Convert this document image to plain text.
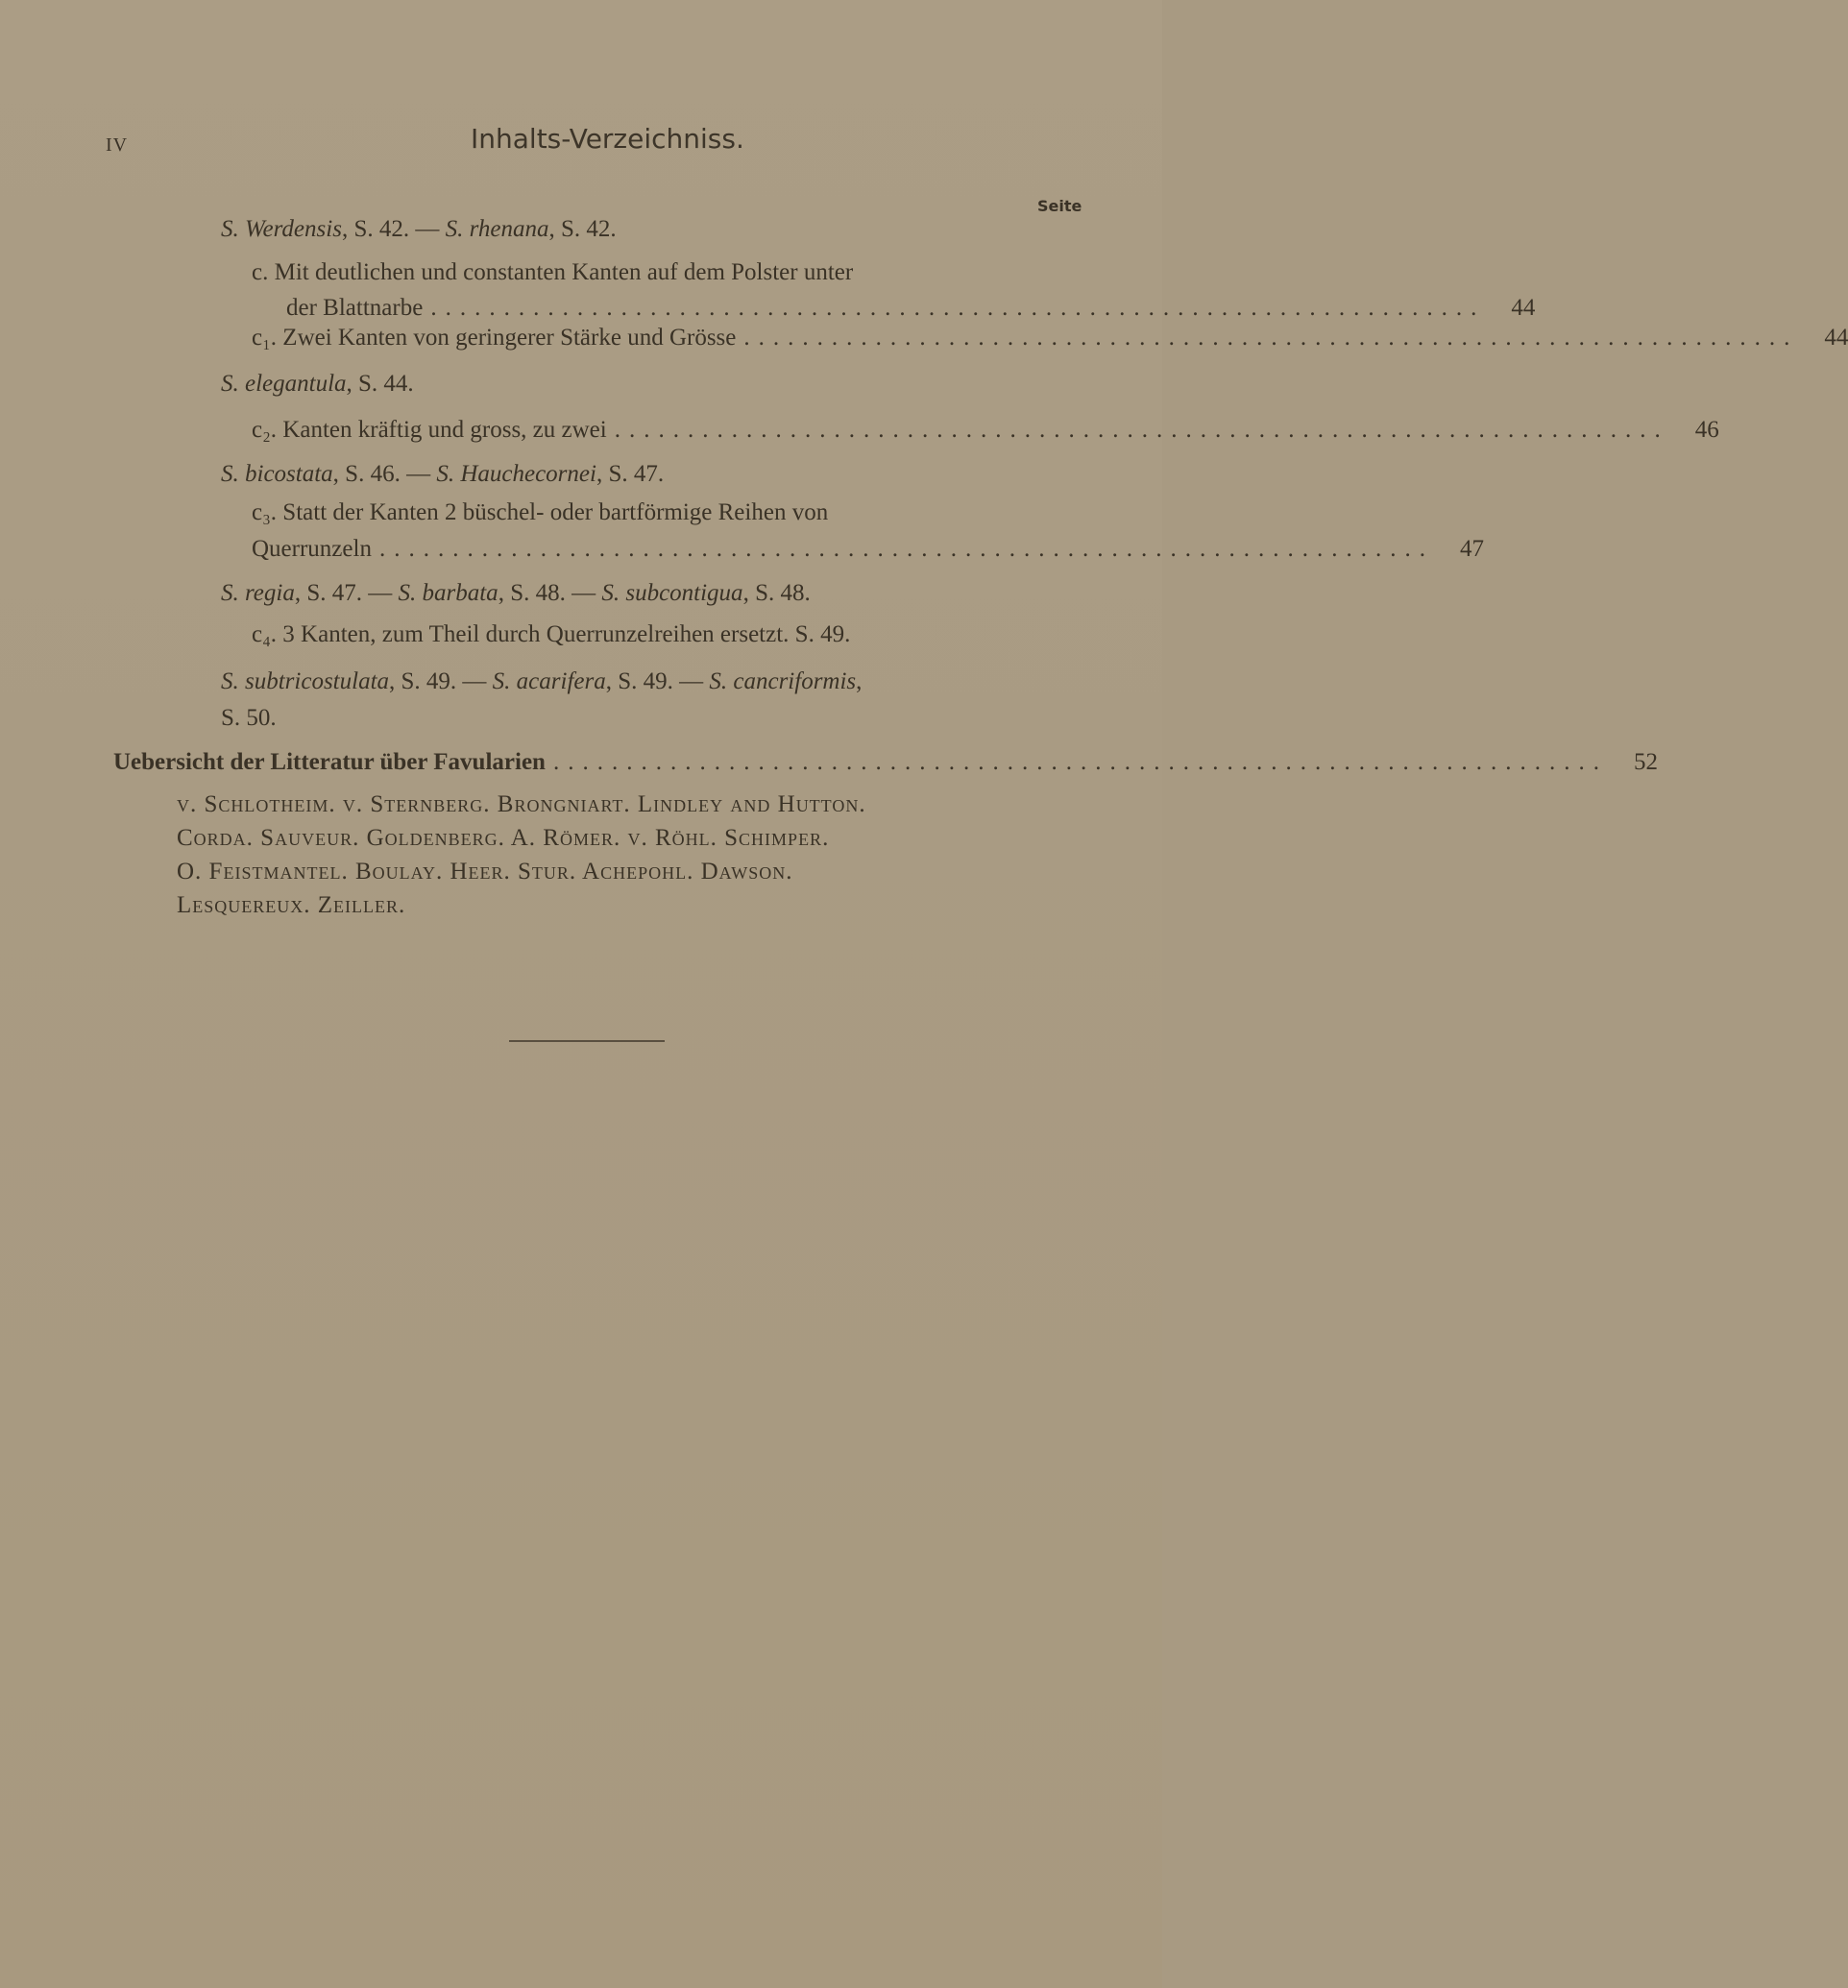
IV	Inhalts-Verzeichniss.
Seite
S. Werdensis, S. 42. — S. rhenana, S. 42.
c. Mit deutlichen und constanten Kanten auf dem Polster unter
der Blattnarbe ........................................................................ 44
c₁. Zwei Kanten von geringerer Stärke und Grösse ........................................................................ 44
S. elegantula, S. 44.
c₂. Kanten kräftig und gross, zu zwei ........................................................................ 46
S. bicostata, S. 46. — S. Hauchecornei, S. 47.
c₃. Statt der Kanten 2 büschel- oder bartförmige Reihen von
Querrunzeln ........................................................................ 47
S. regia, S. 47. — S. barbata, S. 48. — S. subcontigua, S. 48.
c₄. 3 Kanten, zum Theil durch Querrunzelreihen ersetzt. S. 49.
S. subtricostulata, S. 49. — S. acarifera, S. 49. — S. cancriformis,
S. 50.
Uebersicht der Litteratur über Favularien ........................................................................ 52
v. Schlotheim. v. Sternberg. Brongniart. Lindley and Hutton.
Corda. Sauveur. Goldenberg. A. Römer. v. Röhl. Schimper.
O. Feistmantel. Boulay. Heer. Stur. Achepohl. Dawson.
Lesquereux. Zeiller.
